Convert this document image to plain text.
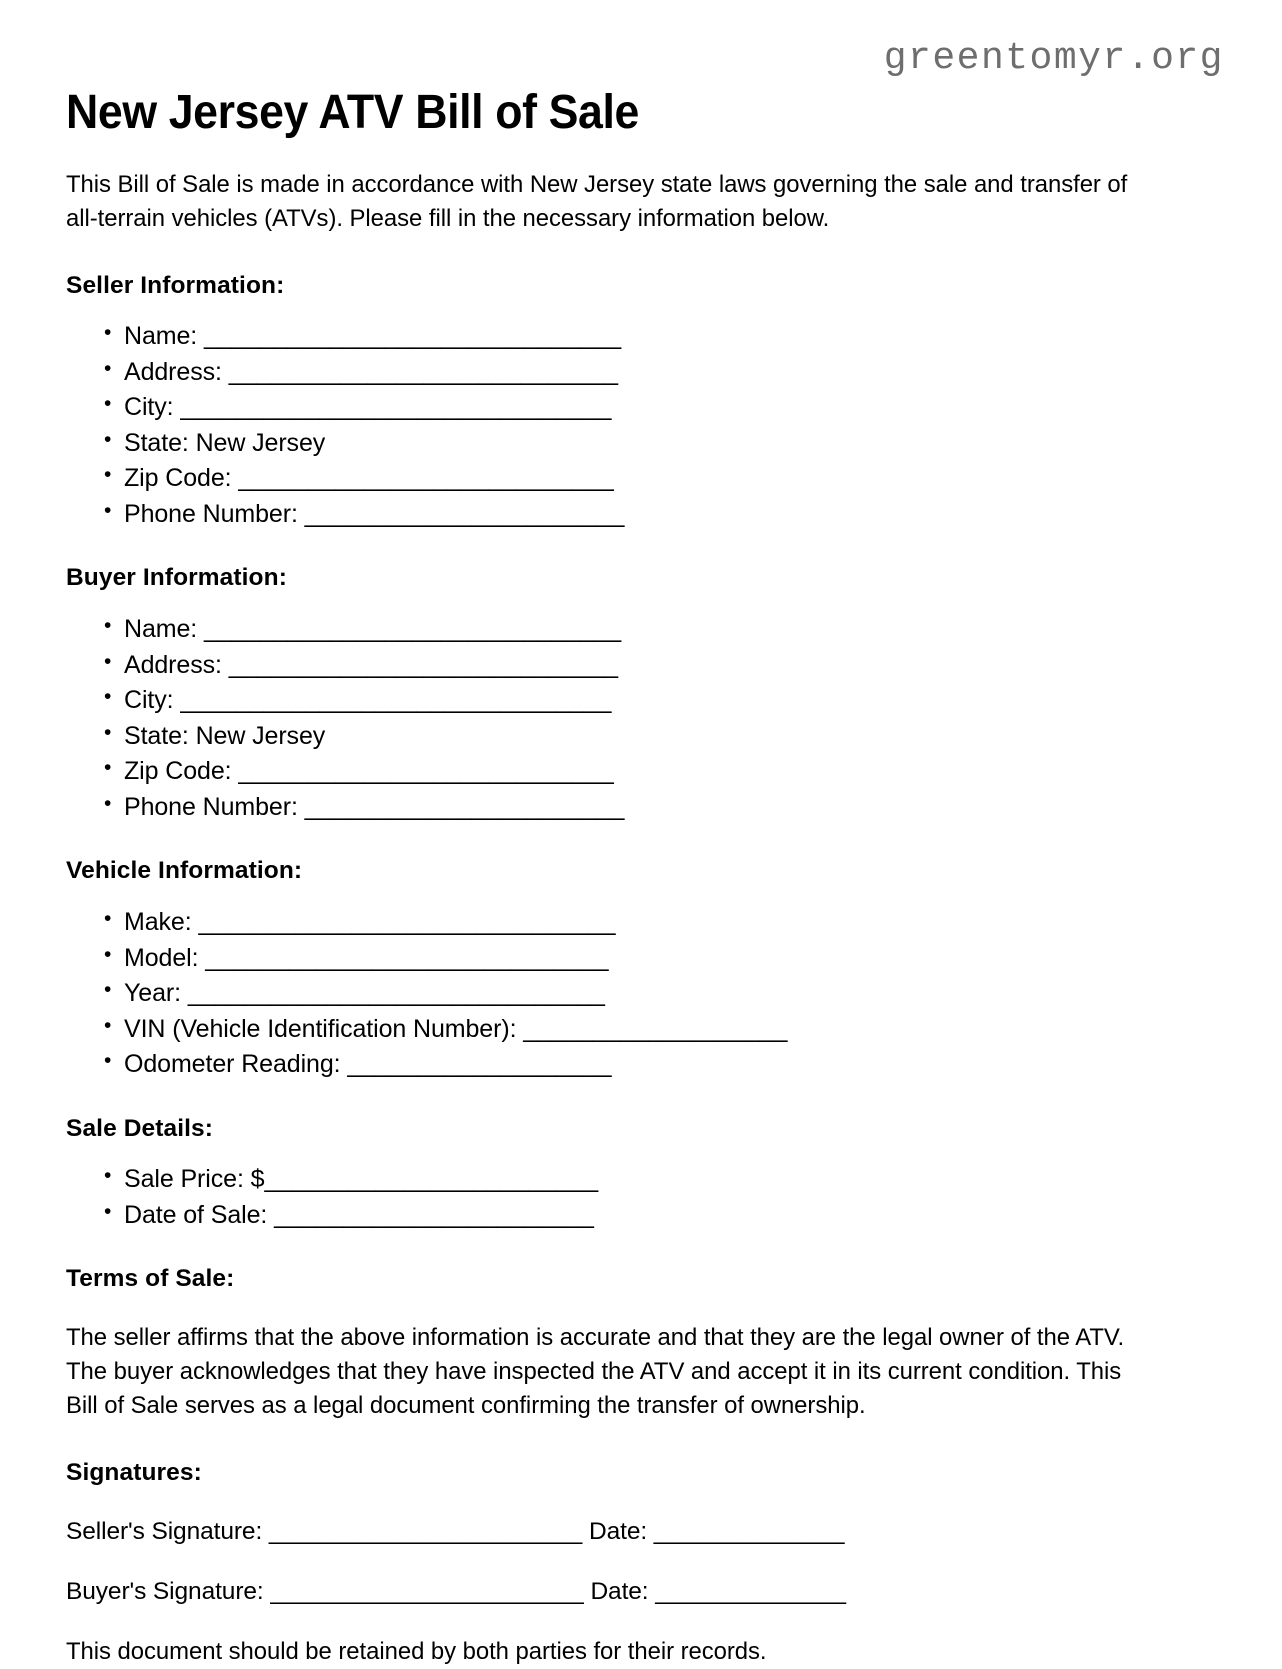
greentomyr.org
New Jersey ATV Bill of Sale

This Bill of Sale is made in accordance with New Jersey state laws governing the sale and transfer of all-terrain vehicles (ATVs). Please fill in the necessary information below.

Seller Information:
• Name: ______________________________
• Address: ____________________________
• City: _______________________________
• State: New Jersey
• Zip Code: ___________________________
• Phone Number: _______________________
Buyer Information:
• Name: ______________________________
• Address: ____________________________
• City: _______________________________
• State: New Jersey
• Zip Code: ___________________________
• Phone Number: _______________________
Vehicle Information:
• Make: ______________________________
• Model: _____________________________
• Year: ______________________________
• VIN (Vehicle Identification Number): ___________________
• Odometer Reading: ___________________
Sale Details:
• Sale Price: $________________________
• Date of Sale: _______________________
Terms of Sale:

The seller affirms that the above information is accurate and that they are the legal owner of the ATV. The buyer acknowledges that they have inspected the ATV and accept it in its current condition. This Bill of Sale serves as a legal document confirming the transfer of ownership.

Signatures:
Seller's Signature: _______________________ Date: ______________
Buyer's Signature: _______________________ Date: ______________

This document should be retained by both parties for their records.
